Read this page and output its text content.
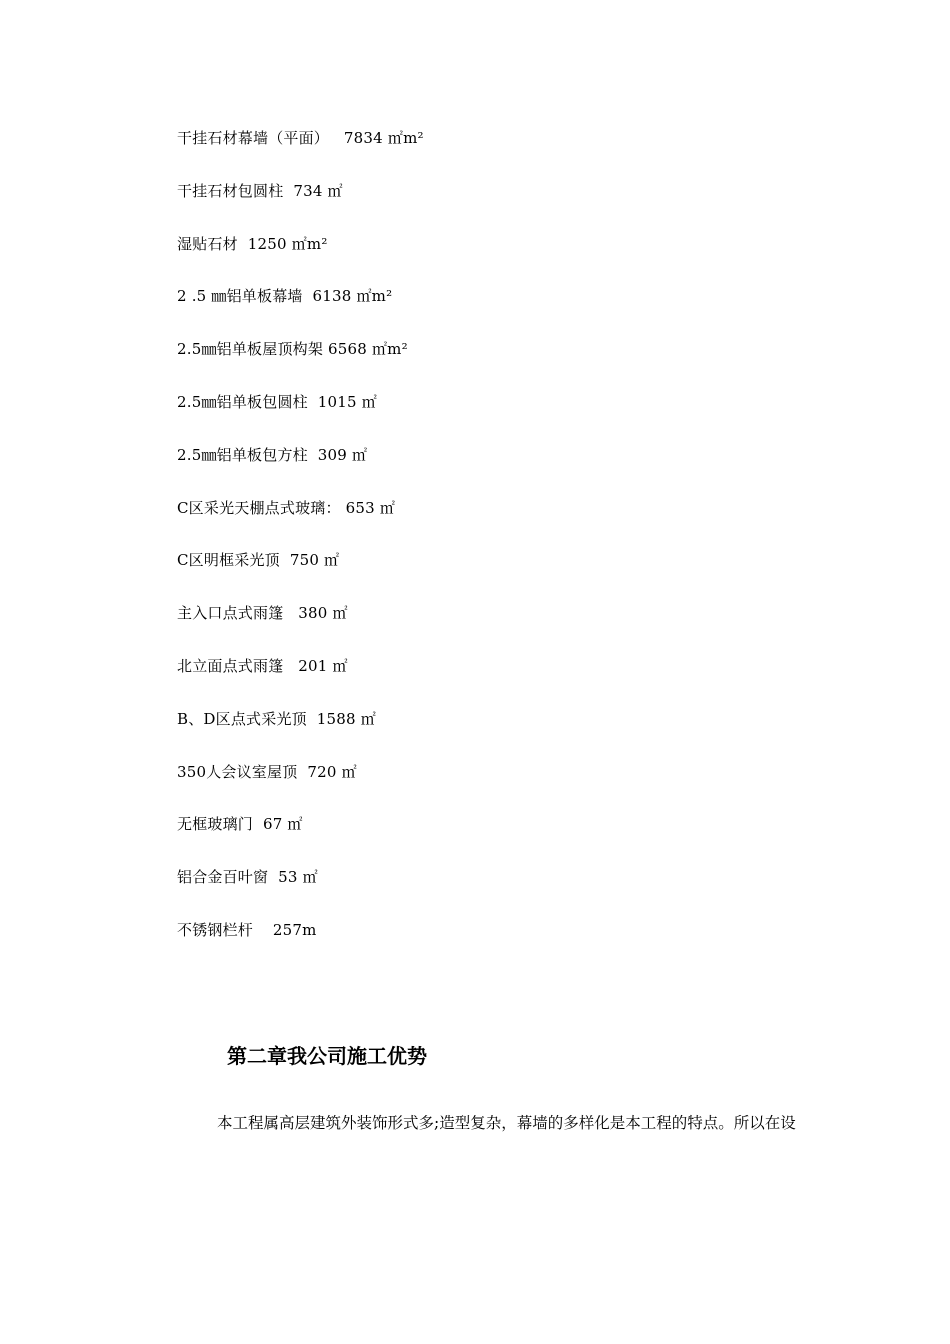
干挂石材幕墙（平面） 7834 ㎡m²
干挂石材包圆柱 734 ㎡
湿贴石材 1250 ㎡m²
2 .5 ㎜铝单板幕墙 6138 ㎡m²
2.5㎜铝单板屋顶构架 6568 ㎡m²
2.5㎜铝单板包圆柱 1015 ㎡
2.5㎜铝单板包方柱 309 ㎡
C区采光天棚点式玻璃： 653 ㎡
C区明框采光顶 750 ㎡
主入口点式雨篷   380 ㎡
北立面点式雨篷   201 ㎡
B、D区点式采光顶 1588 ㎡
350人会议室屋顶 720 ㎡
无框玻璃门 67 ㎡
铝合金百叶窗 53 ㎡
不锈钢栏杆    257m
第二章我公司施工优势

本工程属高层建筑外装饰形式多;造型复杂，幕墙的多样化是本工程的特点。所以在设
